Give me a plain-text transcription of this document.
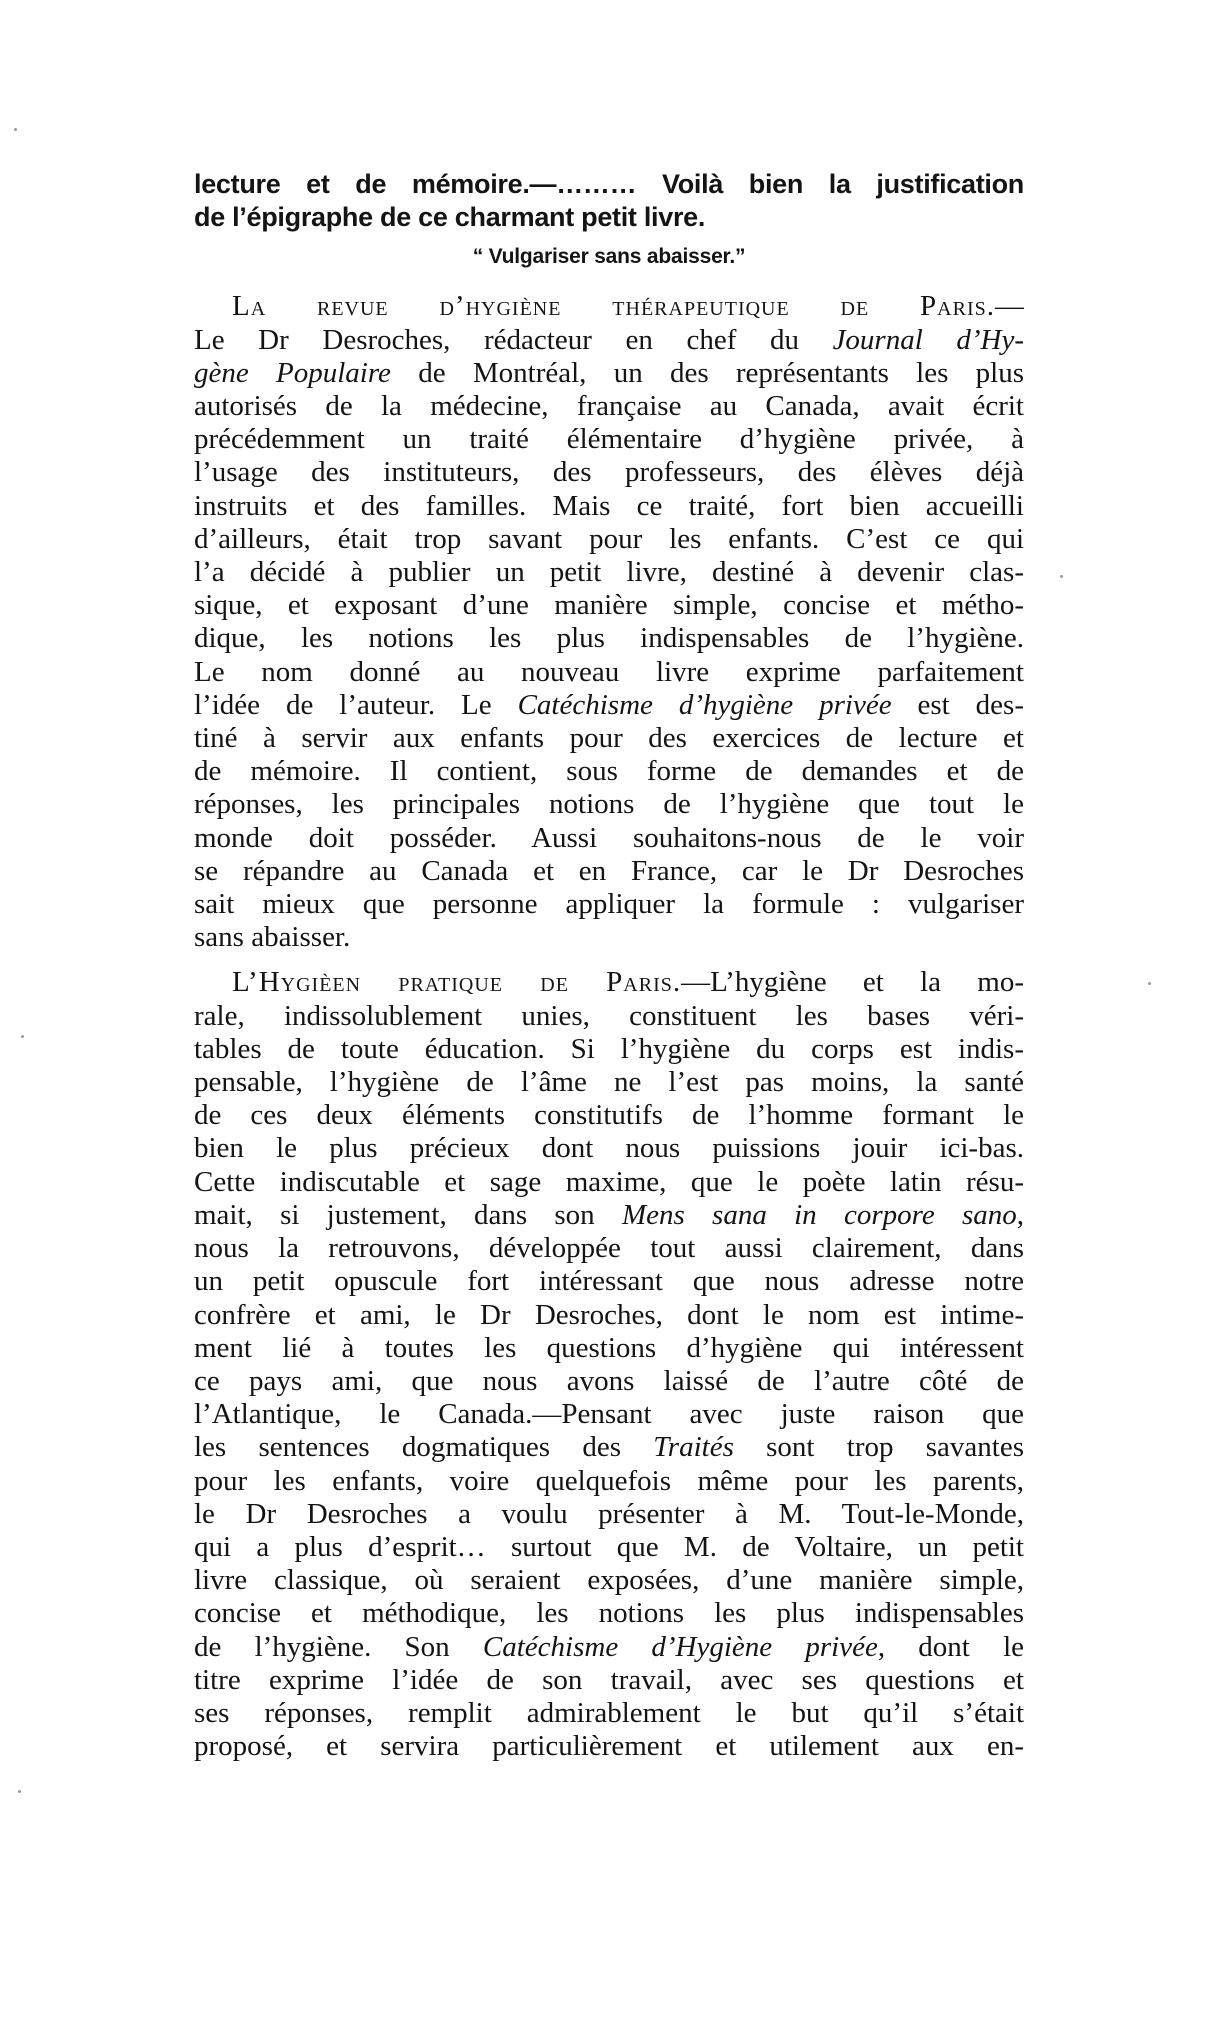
lecture et de mémoire.—……… Voilà bien la justification
de l’épigraphe de ce charmant petit livre.
“ Vulgariser sans abaisser.”
La revue d’hygiène thérapeutique de Paris.—
Le Dr Desroches, rédacteur en chef du Journal d’Hy-
gène Populaire de Montréal, un des représentants les plus
autorisés de la médecine, française au Canada, avait écrit
précédemment un traité élémentaire d’hygiène privée, à
l’usage des instituteurs, des professeurs, des élèves déjà
instruits et des familles. Mais ce traité, fort bien accueilli
d’ailleurs, était trop savant pour les enfants. C’est ce qui
l’a décidé à publier un petit livre, destiné à devenir clas-
sique, et exposant d’une manière simple, concise et métho-
dique, les notions les plus indispensables de l’hygiène.
Le nom donné au nouveau livre exprime parfaitement
l’idée de l’auteur. Le Catéchisme d’hygiène privée est des-
tiné à servir aux enfants pour des exercices de lecture et
de mémoire. Il contient, sous forme de demandes et de
réponses, les principales notions de l’hygiène que tout le
monde doit posséder. Aussi souhaitons-nous de le voir
se répandre au Canada et en France, car le Dr Desroches
sait mieux que personne appliquer la formule : vulgariser
sans abaisser.
L’Hygièen pratique de Paris.—L’hygiène et la mo-
rale, indissolublement unies, constituent les bases véri-
tables de toute éducation. Si l’hygiène du corps est indis-
pensable, l’hygiène de l’âme ne l’est pas moins, la santé
de ces deux éléments constitutifs de l’homme formant le
bien le plus précieux dont nous puissions jouir ici-bas.
Cette indiscutable et sage maxime, que le poète latin résu-
mait, si justement, dans son Mens sana in corpore sano,
nous la retrouvons, développée tout aussi clairement, dans
un petit opuscule fort intéressant que nous adresse notre
confrère et ami, le Dr Desroches, dont le nom est intime-
ment lié à toutes les questions d’hygiène qui intéressent
ce pays ami, que nous avons laissé de l’autre côté de
l’Atlantique, le Canada.—Pensant avec juste raison que
les sentences dogmatiques des Traités sont trop savantes
pour les enfants, voire quelquefois même pour les parents,
le Dr Desroches a voulu présenter à M. Tout-le-Monde,
qui a plus d’esprit… surtout que M. de Voltaire, un petit
livre classique, où seraient exposées, d’une manière simple,
concise et méthodique, les notions les plus indispensables
de l’hygiène. Son Catéchisme d’Hygiène privée, dont le
titre exprime l’idée de son travail, avec ses questions et
ses réponses, remplit admirablement le but qu’il s’était
proposé, et servira particulièrement et utilement aux en-
